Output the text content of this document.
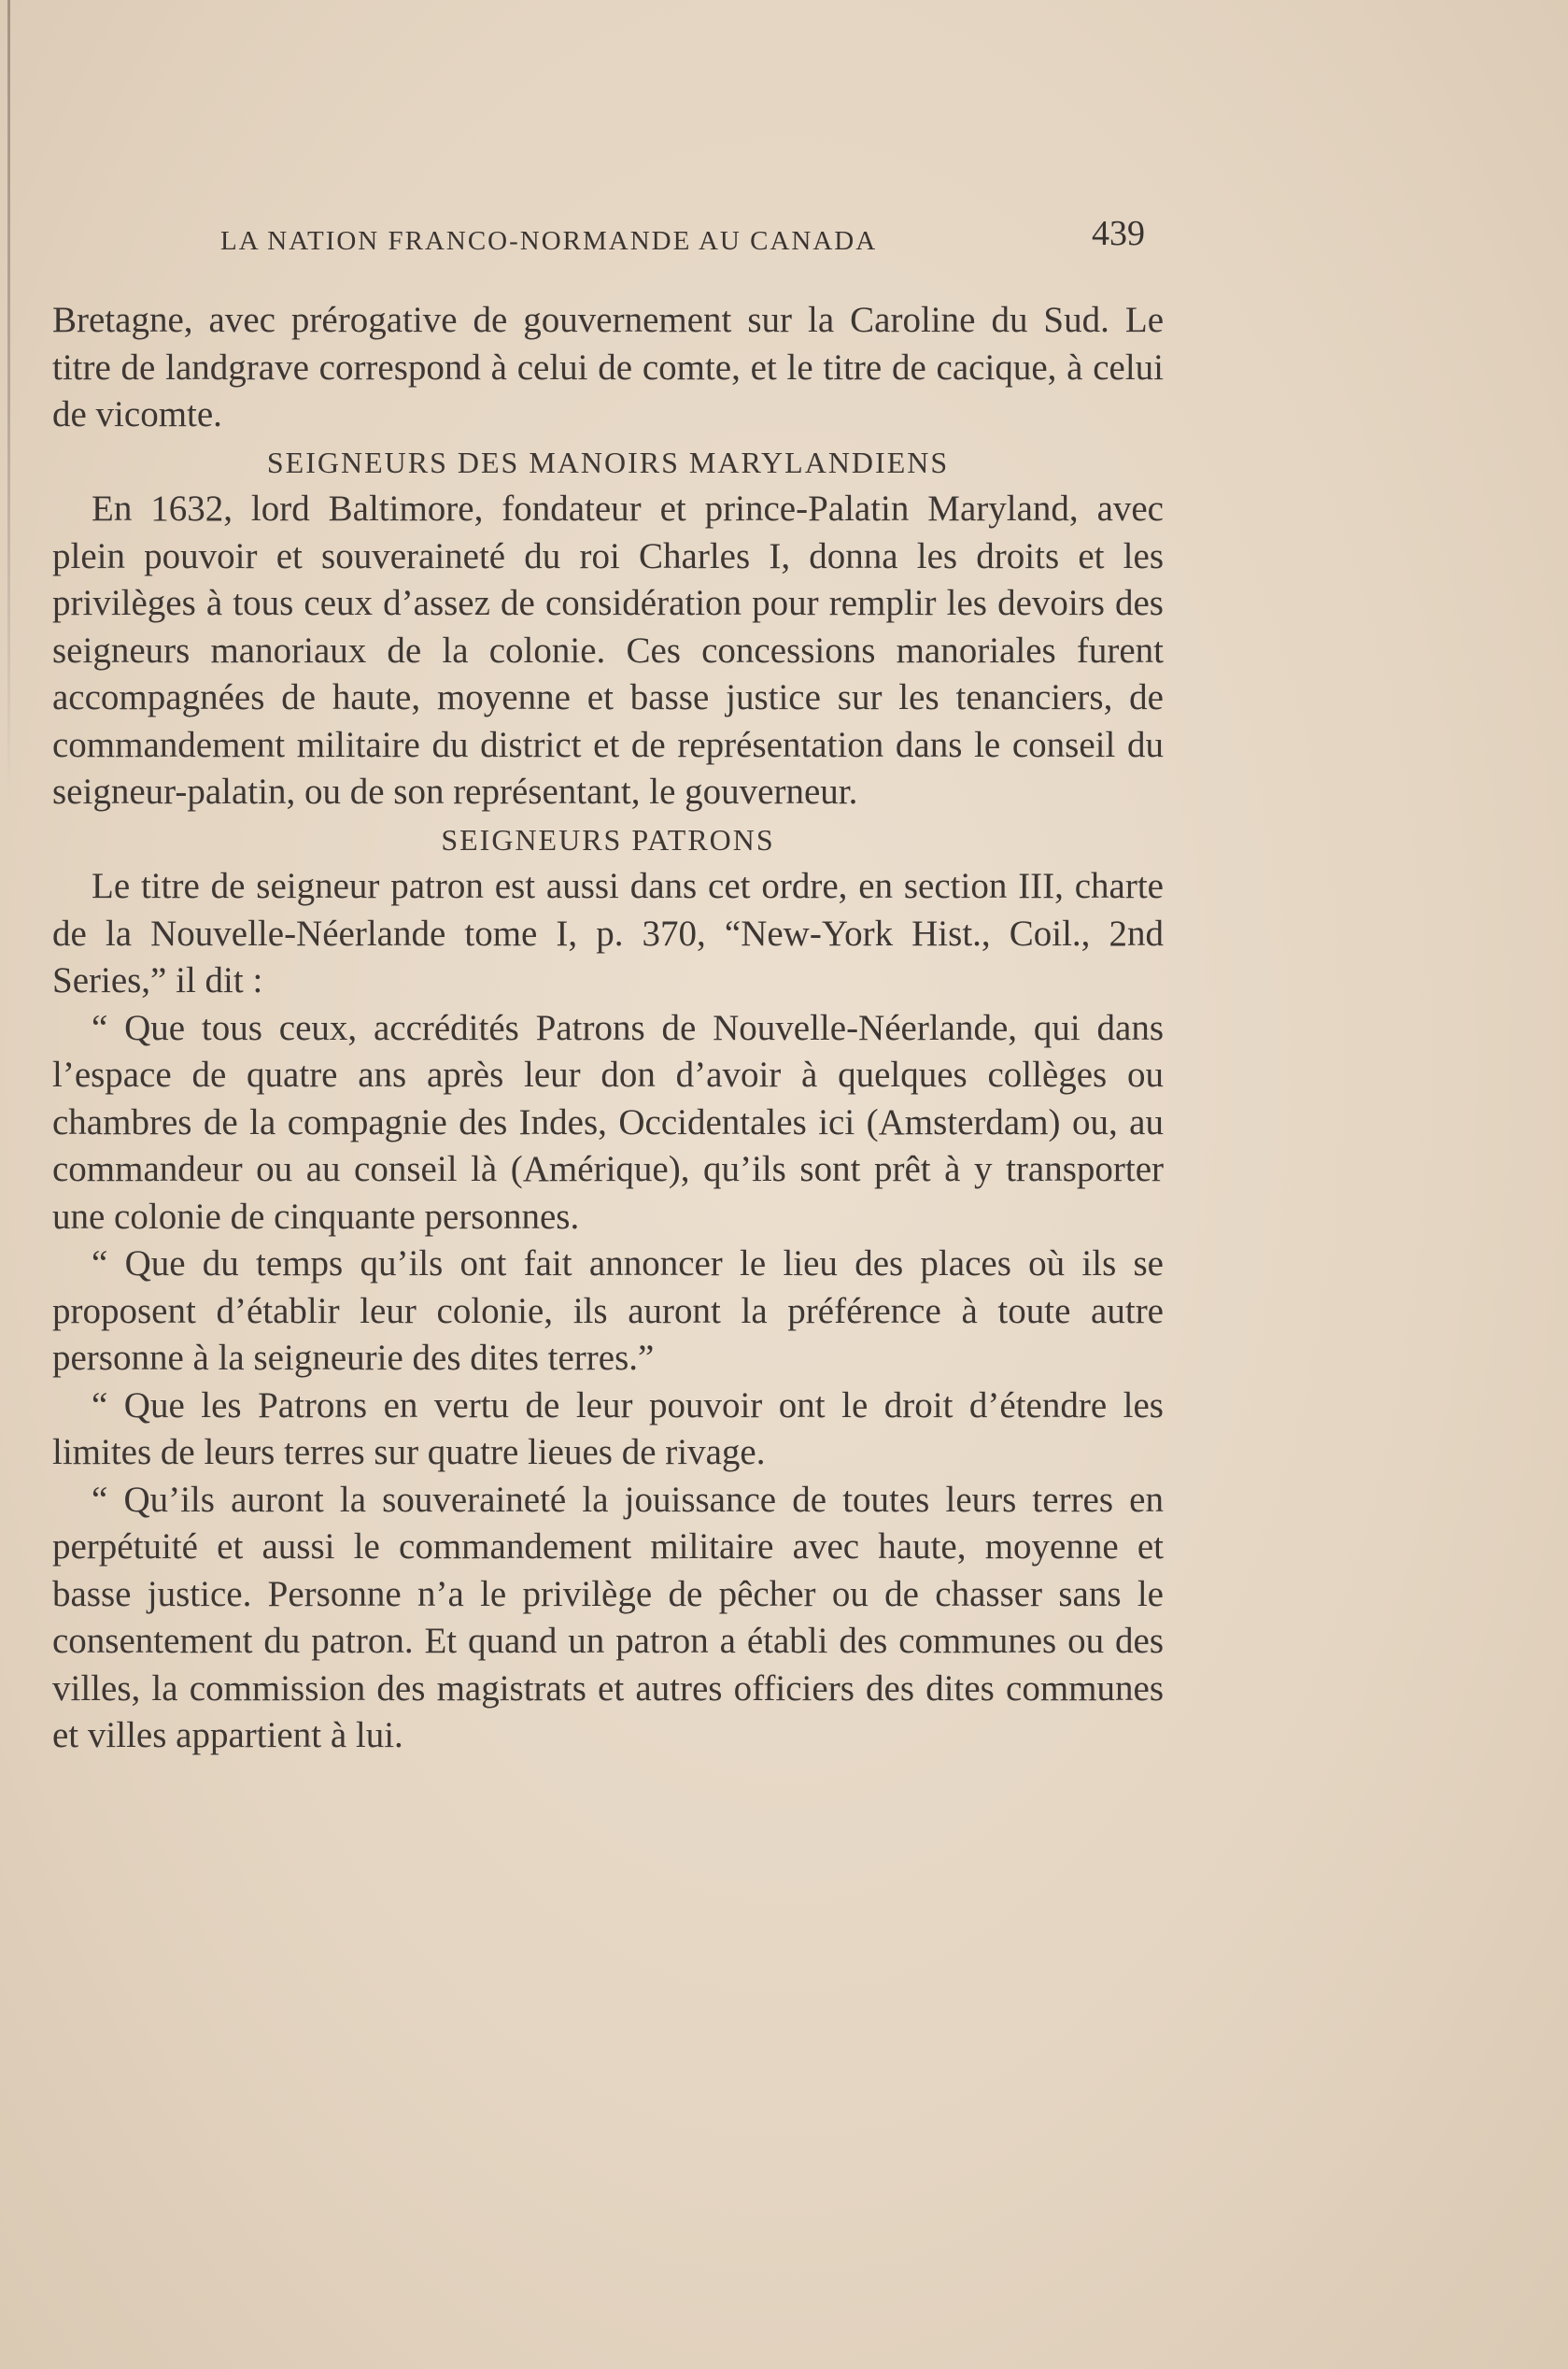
LA NATION FRANCO-NORMANDE AU CANADA	439

Bretagne, avec prérogative de gouvernement sur la Caroline du Sud. Le titre de landgrave correspond à celui de comte, et le titre de cacique, à celui de vicomte.

SEIGNEURS DES MANOIRS MARYLANDIENS

En 1632, lord Baltimore, fondateur et prince-Palatin Maryland, avec plein pouvoir et souveraineté du roi Charles I, donna les droits et les privilèges à tous ceux d’assez de considération pour remplir les devoirs des seigneurs manoriaux de la colonie. Ces concessions manoriales furent accompagnées de haute, moyenne et basse justice sur les tenanciers, de commandement militaire du district et de représentation dans le conseil du seigneur-palatin, ou de son représentant, le gouverneur.

SEIGNEURS PATRONS

Le titre de seigneur patron est aussi dans cet ordre, en section III, charte de la Nouvelle-Néerlande tome I, p. 370, “New-York Hist., Coil., 2nd Series,” il dit :

“ Que tous ceux, accrédités Patrons de Nouvelle-Néerlande, qui dans l’espace de quatre ans après leur don d’avoir à quelques collèges ou chambres de la compagnie des Indes, Occidentales ici (Amsterdam) ou, au commandeur ou au conseil là (Amérique), qu’ils sont prêt à y transporter une colonie de cinquante personnes.

“ Que du temps qu’ils ont fait annoncer le lieu des places où ils se proposent d’établir leur colonie, ils auront la préférence à toute autre personne à la seigneurie des dites terres.”

“ Que les Patrons en vertu de leur pouvoir ont le droit d’étendre les limites de leurs terres sur quatre lieues de rivage.

“ Qu’ils auront la souveraineté la jouissance de toutes leurs terres en perpétuité et aussi le commandement militaire avec haute, moyenne et basse justice. Personne n’a le privilège de pêcher ou de chasser sans le consentement du patron. Et quand un patron a établi des communes ou des villes, la commission des magistrats et autres officiers des dites communes et villes appartient à lui.
